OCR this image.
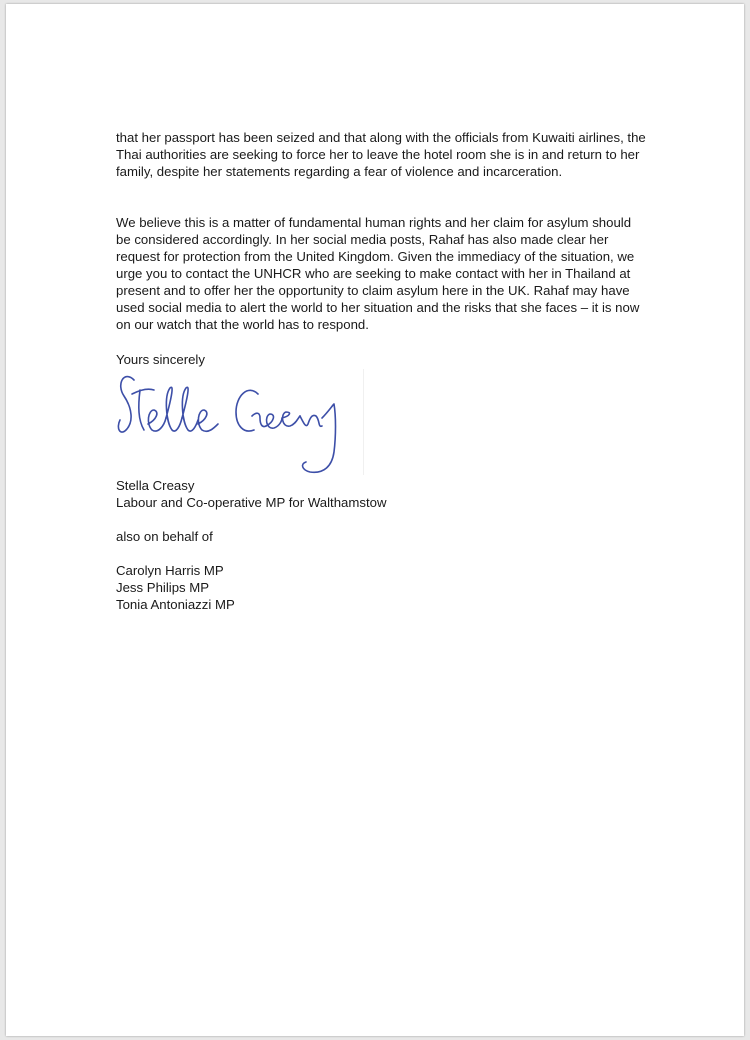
that her passport has been seized and that along with the officials from Kuwaiti airlines, the Thai authorities are seeking to force her to leave the hotel room she is in and return to her family, despite her statements regarding a fear of violence and incarceration.

We believe this is a matter of fundamental human rights and her claim for asylum should be considered accordingly. In her social media posts, Rahaf has also made clear her request for protection from the United Kingdom. Given the immediacy of the situation, we urge you to contact the UNHCR who are seeking to make contact with her in Thailand at present and to offer her the opportunity to claim asylum here in the UK. Rahaf may have used social media to alert the world to her situation and the risks that she faces – it is now on our watch that the world has to respond.

Yours sincerely

Stella Creasy

Labour and Co-operative MP for Walthamstow

also on behalf of

Carolyn Harris MP
Jess Philips MP
Tonia Antoniazzi MP
